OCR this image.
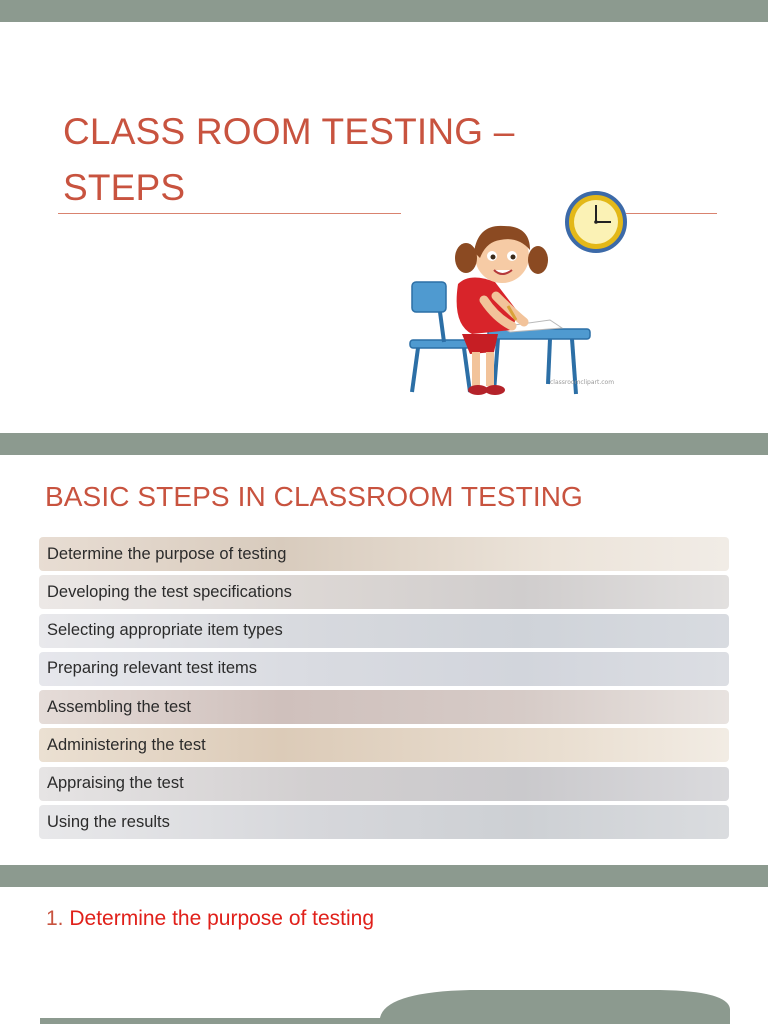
CLASS ROOM TESTING – STEPS
classroomclipart.com
BASIC STEPS IN CLASSROOM TESTING
Determine the purpose of testing
Developing the test specifications
Selecting appropriate item types
Preparing relevant test items
Assembling the test
Administering the test
Appraising the test
Using the results
1. Determine the purpose of testing
